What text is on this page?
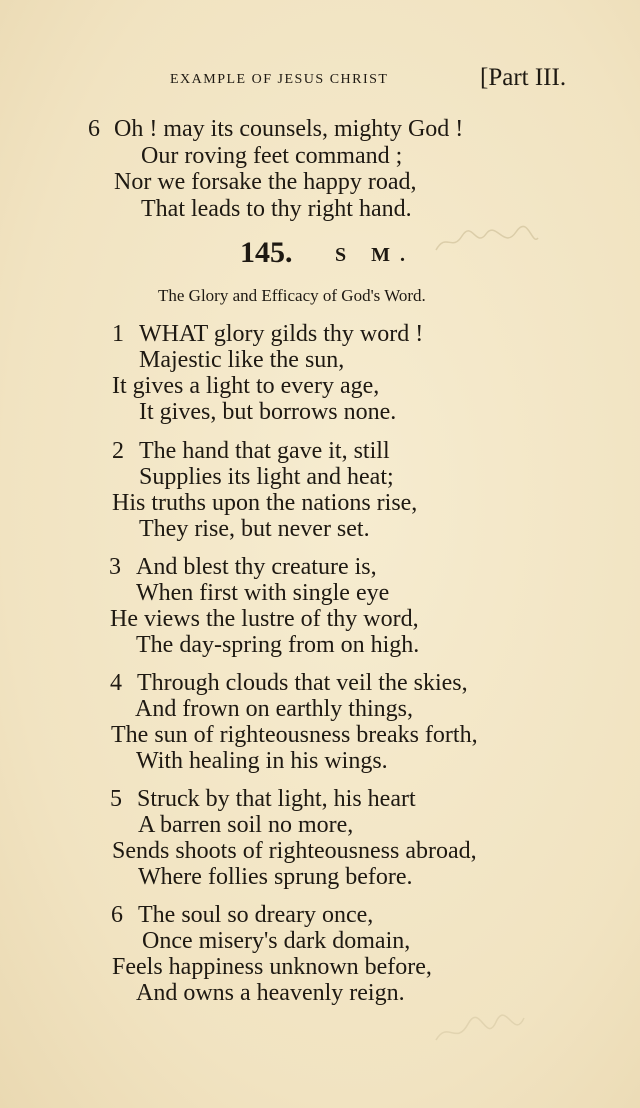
EXAMPLE OF JESUS CHRIST	[Part III.
6 Oh ! may its counsels, mighty God !
Our roving feet command ;
Nor we forsake the happy road,
That leads to thy right hand.
145. S M.
The Glory and Efficacy of God's Word.
1 WHAT glory gilds thy word !
Majestic like the sun,
It gives a light to every age,
It gives, but borrows none.
2 The hand that gave it, still
Supplies its light and heat;
His truths upon the nations rise,
They rise, but never set.
3 And blest thy creature is,
When first with single eye
He views the lustre of thy word,
The day-spring from on high.
4 Through clouds that veil the skies,
And frown on earthly things,
The sun of righteousness breaks forth,
With healing in his wings.
5 Struck by that light, his heart
A barren soil no more,
Sends shoots of righteousness abroad,
Where follies sprung before.
6 The soul so dreary once,
Once misery's dark domain,
Feels happiness unknown before,
And owns a heavenly reign.
